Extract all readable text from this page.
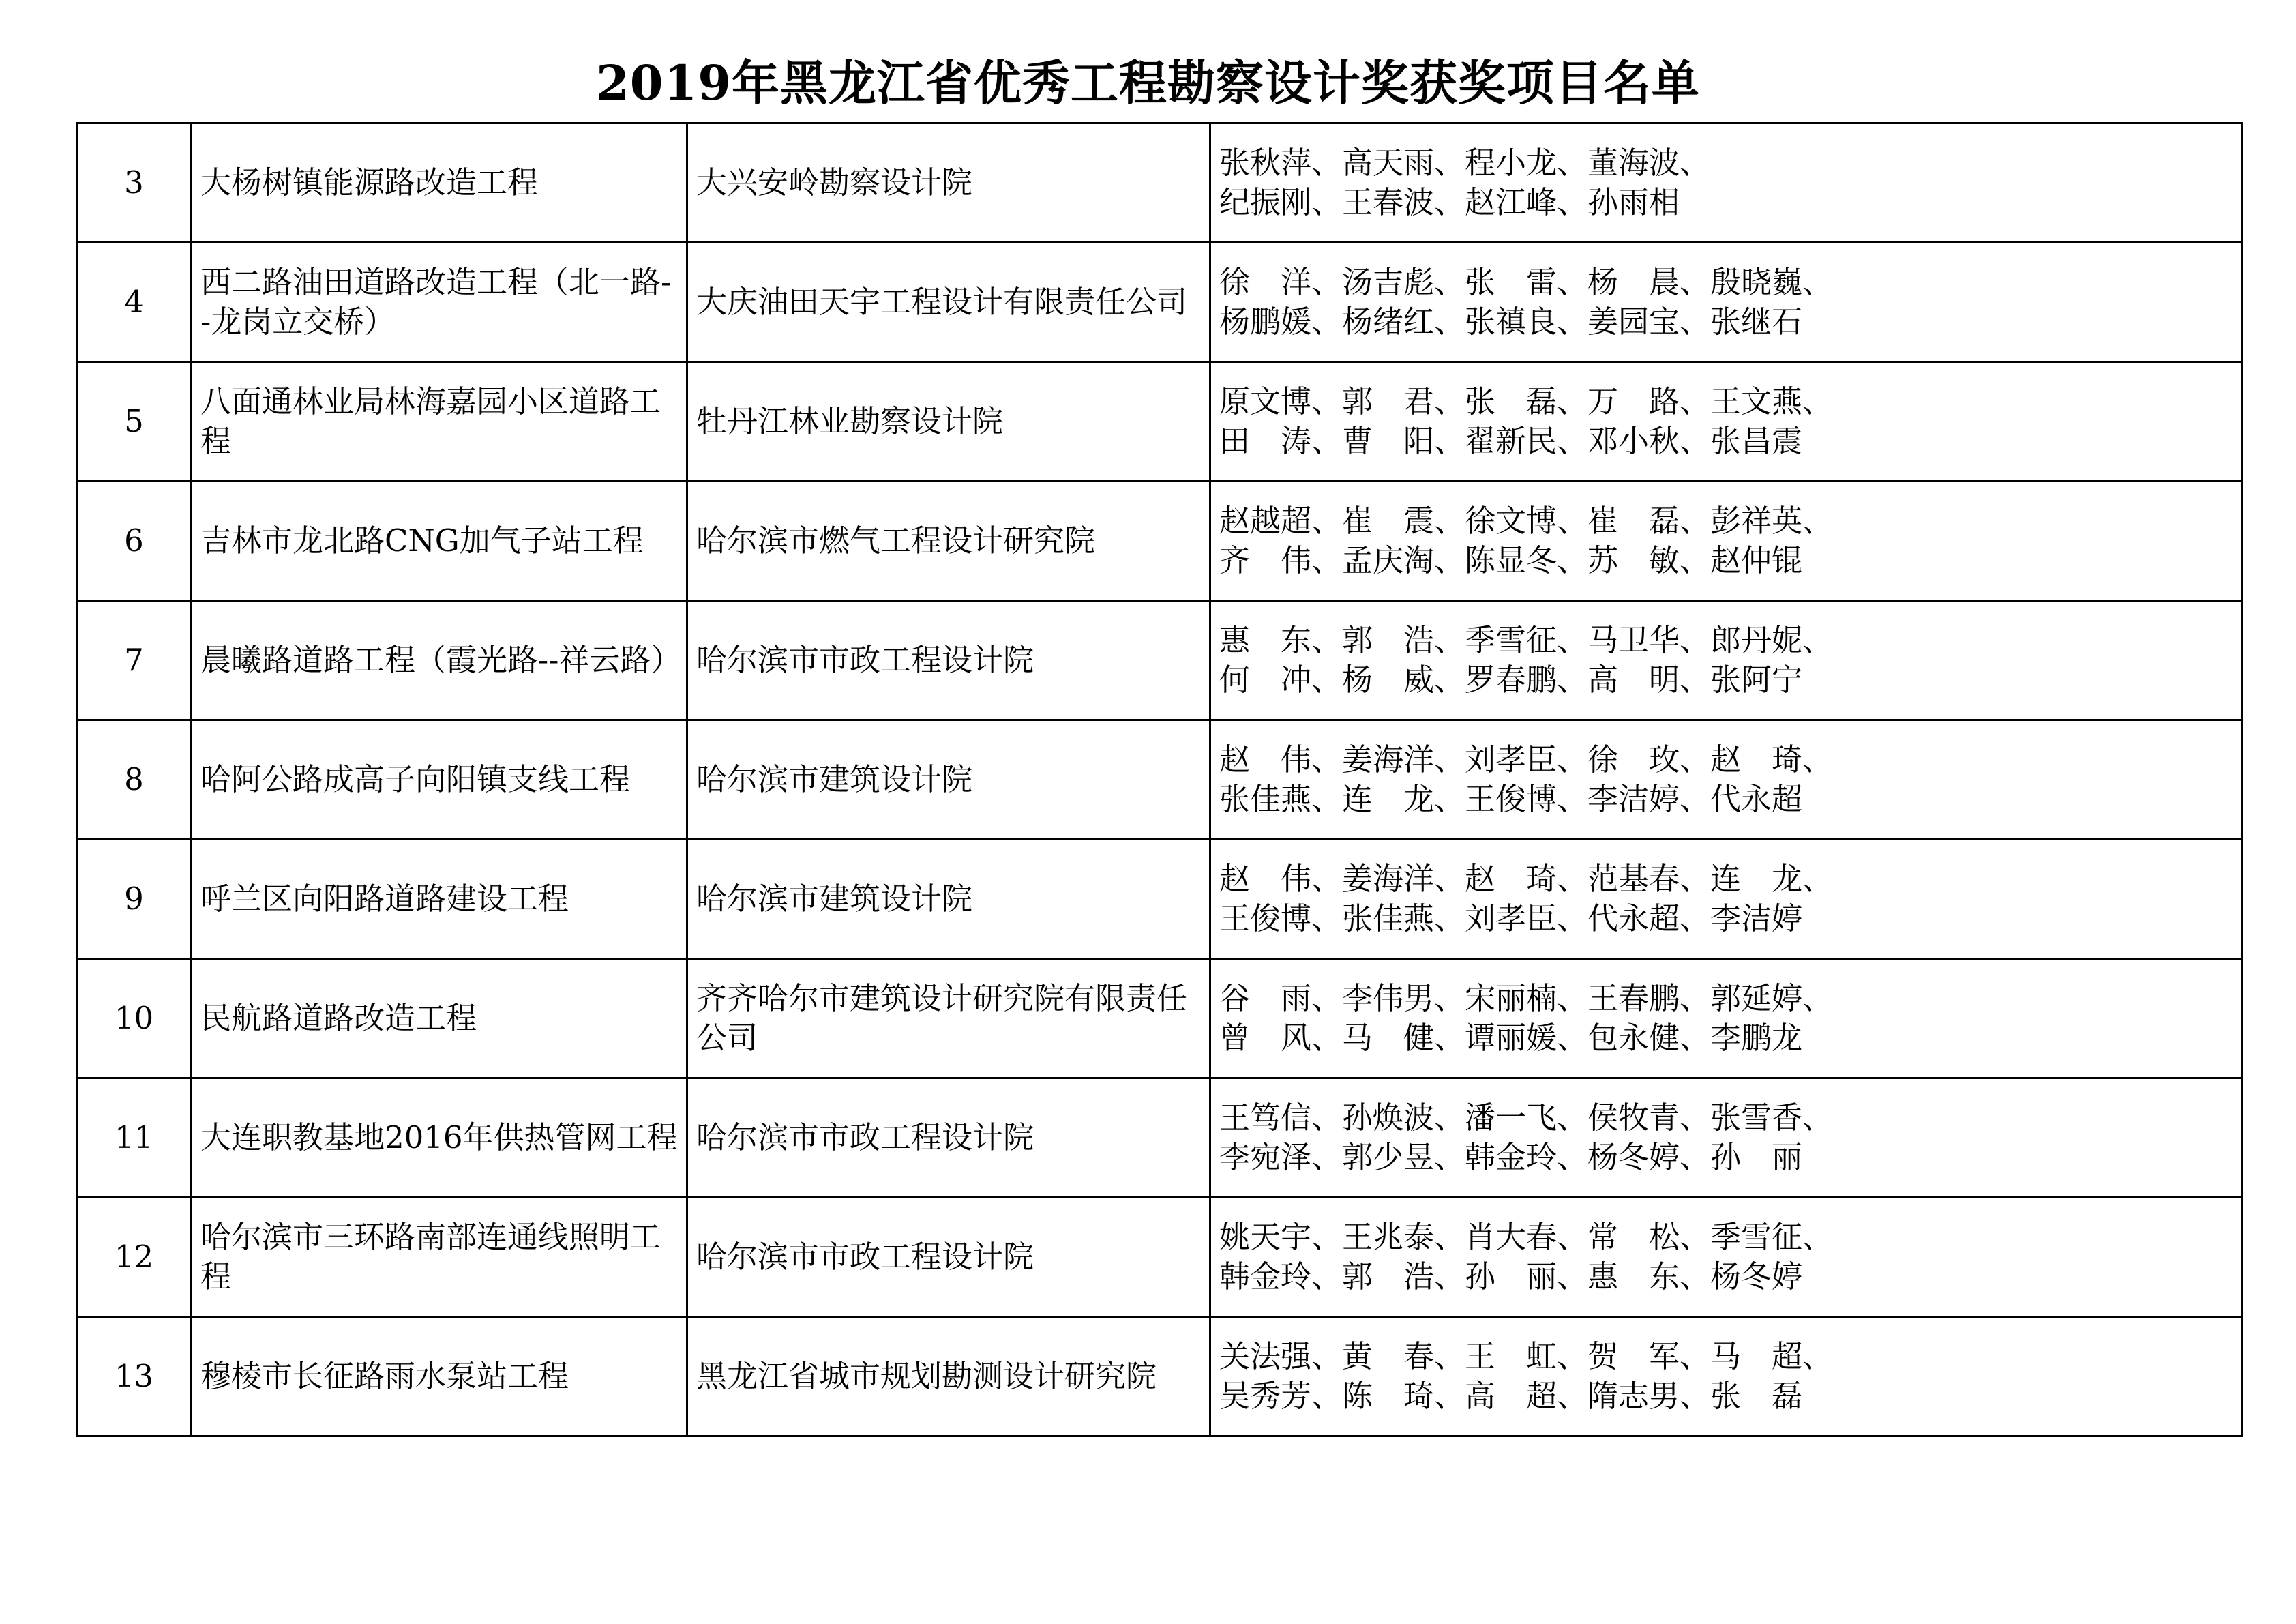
2019年黑龙江省优秀工程勘察设计奖获奖项目名单
3	大杨树镇能源路改造工程	大兴安岭勘察设计院	张秋萍、高天雨、程小龙、董海波、
纪振刚、王春波、赵江峰、孙雨相

4	西二路油田道路改造工程（北一路--龙岗立交桥）	大庆油田天宇工程设计有限责任公司	徐　洋、汤吉彪、张　雷、杨　晨、殷晓巍、
杨鹏媛、杨绪红、张禛良、姜园宝、张继石

5	八面通林业局林海嘉园小区道路工程	牡丹江林业勘察设计院	原文博、郭　君、张　磊、万　路、王文燕、
田　涛、曹　阳、翟新民、邓小秋、张昌震

6	吉林市龙北路CNG加气子站工程	哈尔滨市燃气工程设计研究院	赵越超、崔　震、徐文博、崔　磊、彭祥英、
齐　伟、孟庆淘、陈显冬、苏　敏、赵仲锟

7	晨曦路道路工程（霞光路--祥云路）	哈尔滨市市政工程设计院	惠　东、郭　浩、季雪征、马卫华、郎丹妮、
何　冲、杨　威、罗春鹏、高　明、张阿宁

8	哈阿公路成高子向阳镇支线工程	哈尔滨市建筑设计院	赵　伟、姜海洋、刘孝臣、徐　玫、赵　琦、
张佳燕、连　龙、王俊博、李洁婷、代永超

9	呼兰区向阳路道路建设工程	哈尔滨市建筑设计院	赵　伟、姜海洋、赵　琦、范基春、连　龙、
王俊博、张佳燕、刘孝臣、代永超、李洁婷

10	民航路道路改造工程	齐齐哈尔市建筑设计研究院有限责任公司	谷　雨、李伟男、宋丽楠、王春鹏、郭延婷、
曾　风、马　健、谭丽媛、包永健、李鹏龙

11	大连职教基地2016年供热管网工程	哈尔滨市市政工程设计院	王笃信、孙焕波、潘一飞、侯牧青、张雪香、
李宛泽、郭少昱、韩金玲、杨冬婷、孙　丽

12	哈尔滨市三环路南部连通线照明工程	哈尔滨市市政工程设计院	姚天宇、王兆泰、肖大春、常　松、季雪征、
韩金玲、郭　浩、孙　丽、惠　东、杨冬婷

13	穆棱市长征路雨水泵站工程	黑龙江省城市规划勘测设计研究院	关法强、黄　春、王　虹、贺　军、马　超、
吴秀芳、陈　琦、高　超、隋志男、张　磊
